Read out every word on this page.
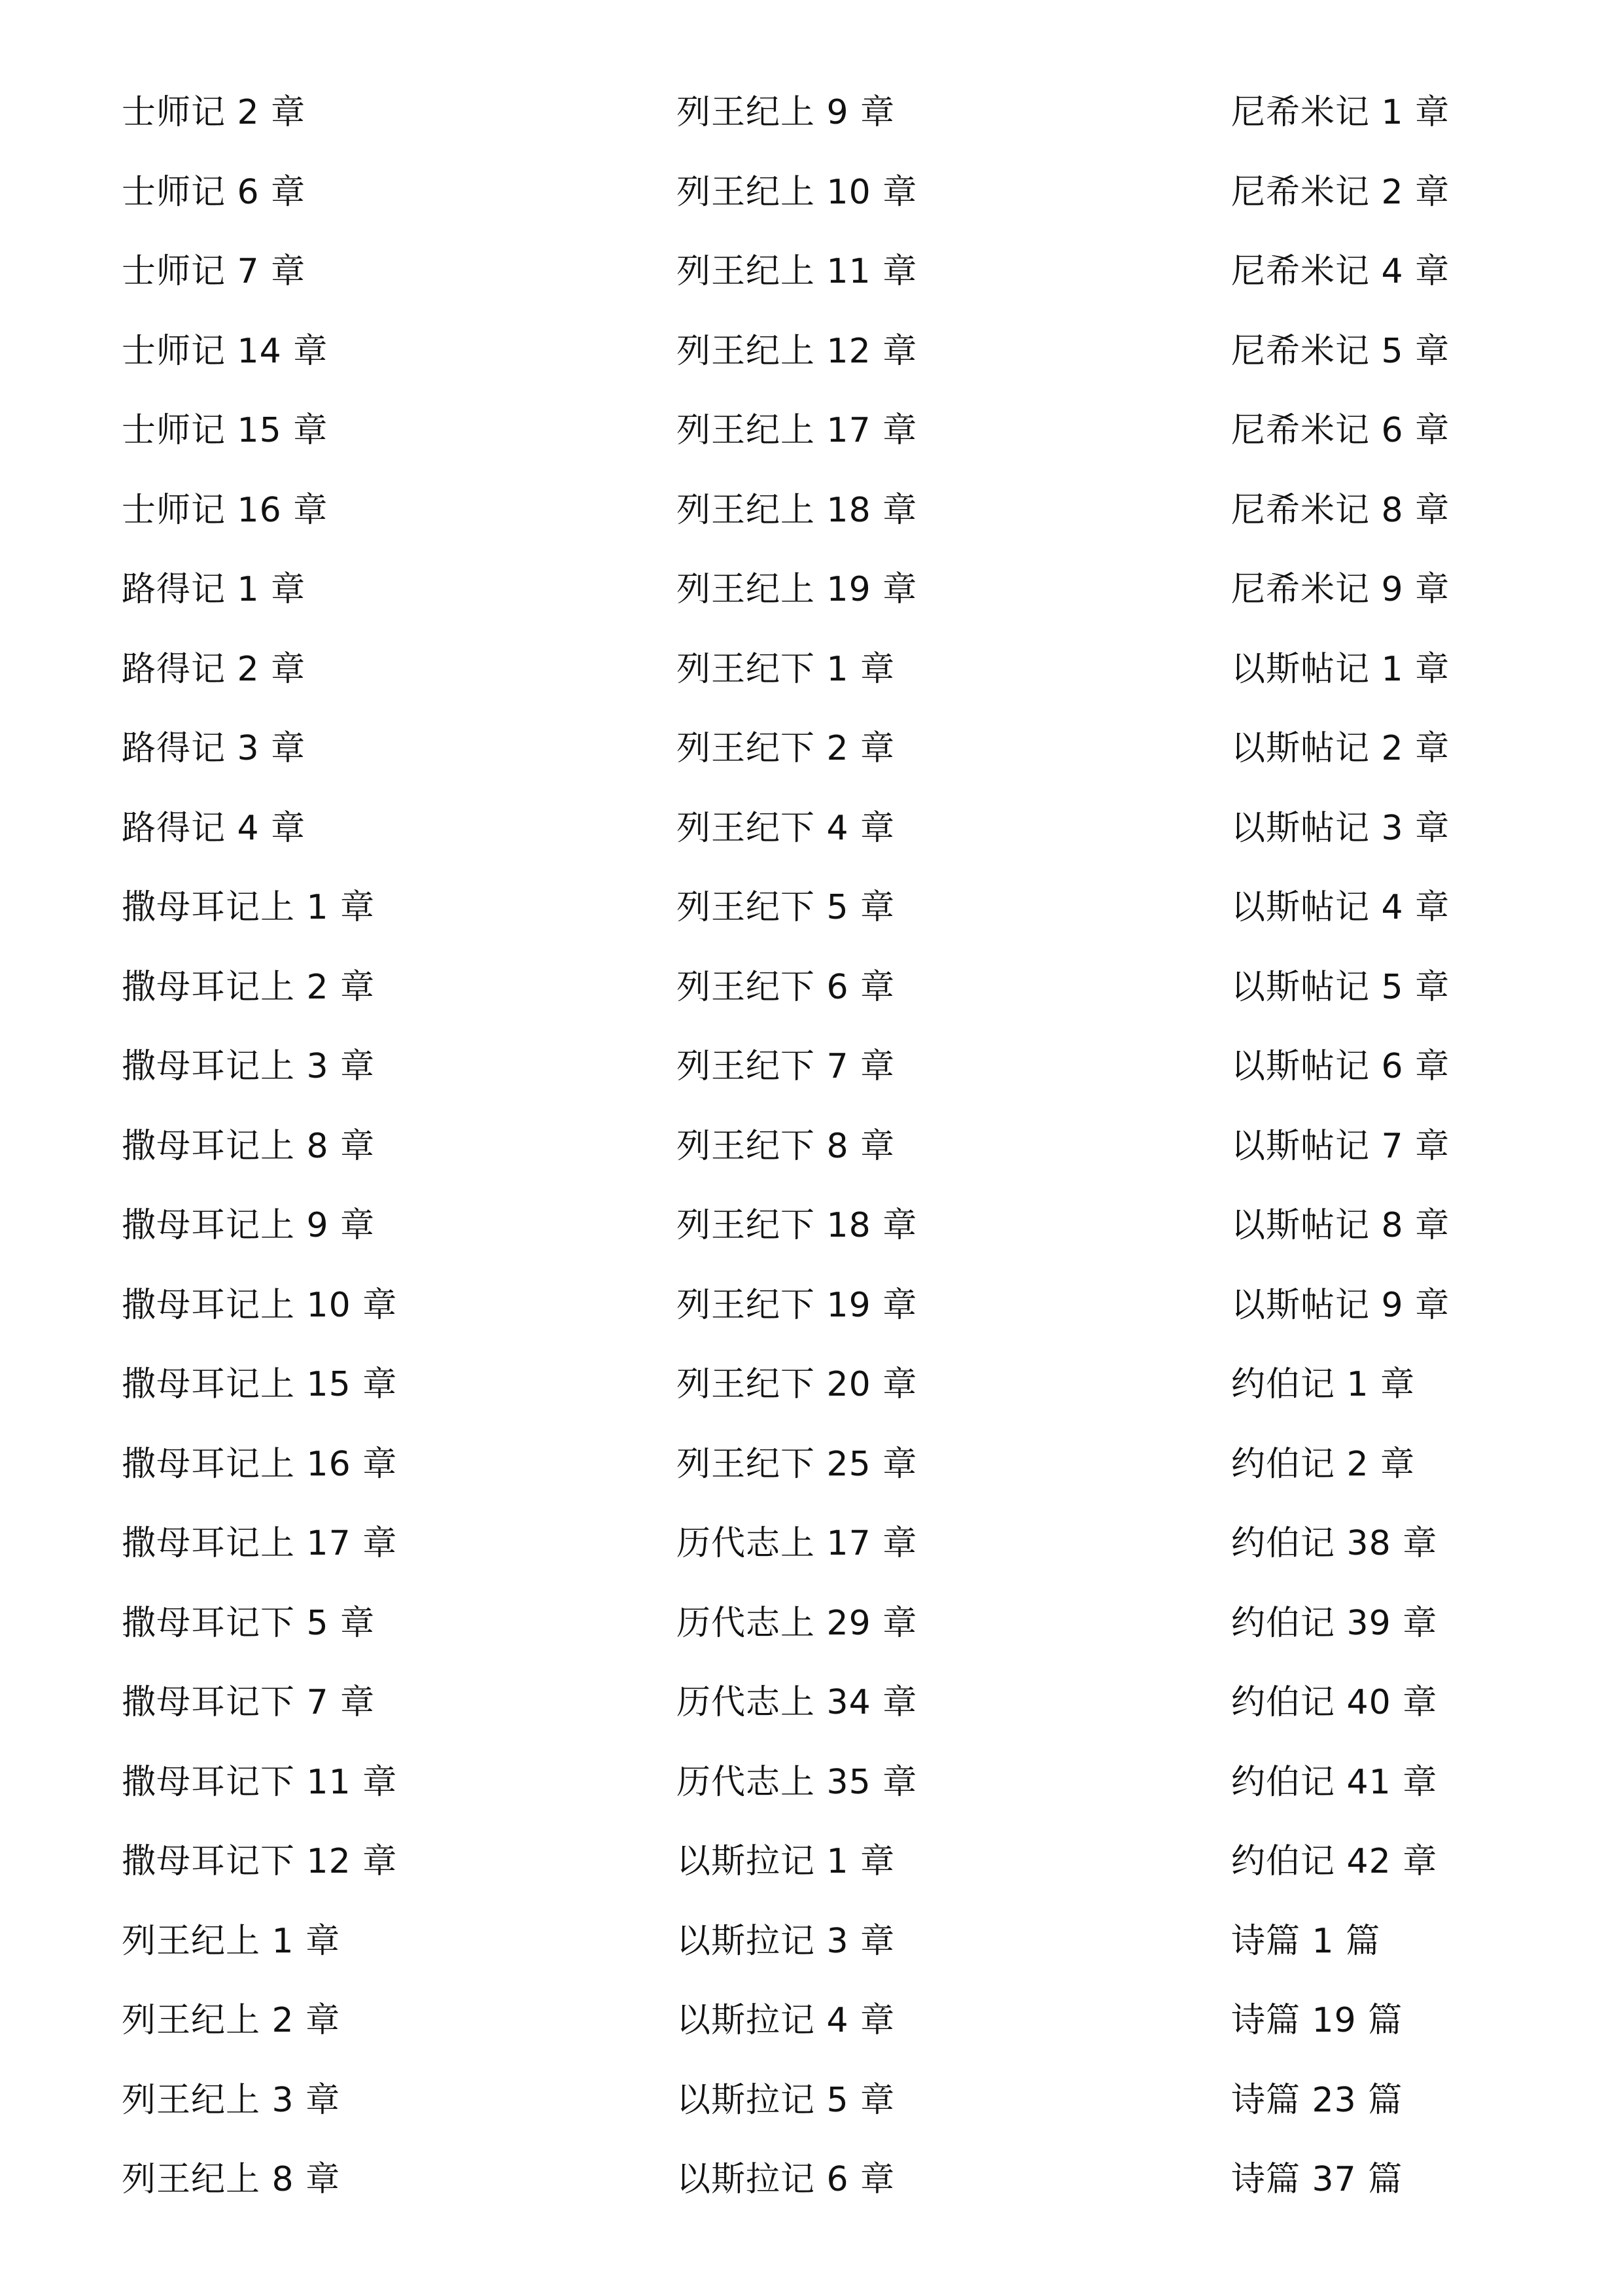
士师记 2 章
士师记 6 章
士师记 7 章
士师记 14 章
士师记 15 章
士师记 16 章
路得记 1 章
路得记 2 章
路得记 3 章
路得记 4 章
撒母耳记上 1 章
撒母耳记上 2 章
撒母耳记上 3 章
撒母耳记上 8 章
撒母耳记上 9 章
撒母耳记上 10 章
撒母耳记上 15 章
撒母耳记上 16 章
撒母耳记上 17 章
撒母耳记下 5 章
撒母耳记下 7 章
撒母耳记下 11 章
撒母耳记下 12 章
列王纪上 1 章
列王纪上 2 章
列王纪上 3 章
列王纪上 8 章
列王纪上 9 章
列王纪上 10 章
列王纪上 11 章
列王纪上 12 章
列王纪上 17 章
列王纪上 18 章
列王纪上 19 章
列王纪下 1 章
列王纪下 2 章
列王纪下 4 章
列王纪下 5 章
列王纪下 6 章
列王纪下 7 章
列王纪下 8 章
列王纪下 18 章
列王纪下 19 章
列王纪下 20 章
列王纪下 25 章
历代志上 17 章
历代志上 29 章
历代志上 34 章
历代志上 35 章
以斯拉记 1 章
以斯拉记 3 章
以斯拉记 4 章
以斯拉记 5 章
以斯拉记 6 章
尼希米记 1 章
尼希米记 2 章
尼希米记 4 章
尼希米记 5 章
尼希米记 6 章
尼希米记 8 章
尼希米记 9 章
以斯帖记 1 章
以斯帖记 2 章
以斯帖记 3 章
以斯帖记 4 章
以斯帖记 5 章
以斯帖记 6 章
以斯帖记 7 章
以斯帖记 8 章
以斯帖记 9 章
约伯记 1 章
约伯记 2 章
约伯记 38 章
约伯记 39 章
约伯记 40 章
约伯记 41 章
约伯记 42 章
诗篇 1 篇
诗篇 19 篇
诗篇 23 篇
诗篇 37 篇
